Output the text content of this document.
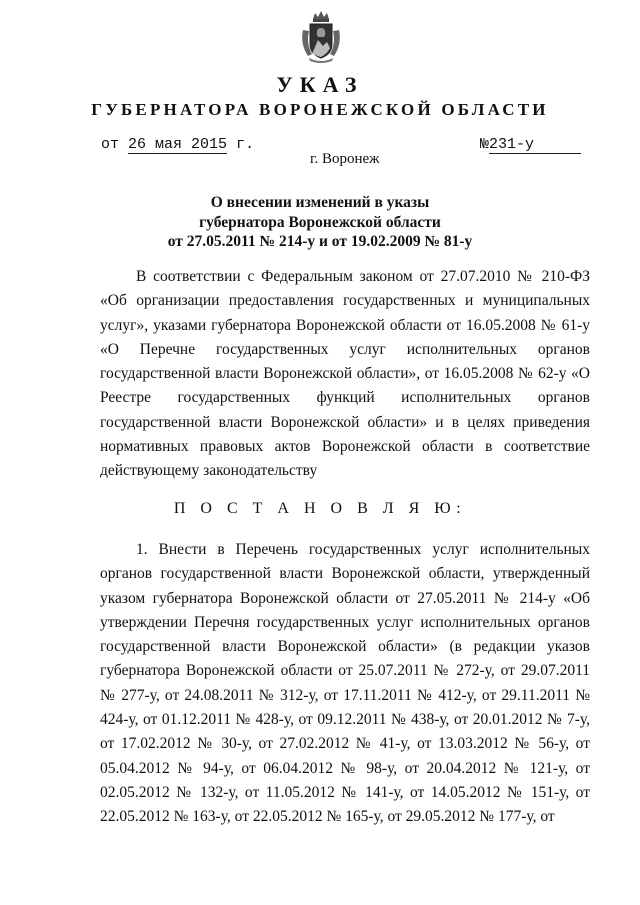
УКАЗ
ГУБЕРНАТОРА ВОРОНЕЖСКОЙ ОБЛАСТИ
от 26 мая 2015 г.	№231-у
г. Воронеж
О внесении изменений в указы
губернатора Воронежской области
от 27.05.2011 № 214-у и от 19.02.2009 № 81-у

В соответствии с Федеральным законом от 27.07.2010 № 210-ФЗ «Об организации предоставления государственных и муниципальных услуг», указами губернатора Воронежской области от 16.05.2008 № 61-у «О Перечне государственных услуг исполнительных органов государственной власти Воронежской области», от 16.05.2008 № 62-у «О Реестре государственных функций исполнительных органов государственной власти Воронежской области» и в целях приведения нормативных правовых актов Воронежской области в соответствие действующему законодательству

П О С Т А Н О В Л Я Ю:

1. Внести в Перечень государственных услуг исполнительных органов государственной власти Воронежской области, утвержденный указом губернатора Воронежской области от 27.05.2011 № 214-у «Об утверждении Перечня государственных услуг исполнительных органов государственной власти Воронежской области» (в редакции указов губернатора Воронежской области от 25.07.2011 № 272-у, от 29.07.2011 № 277-у, от 24.08.2011 № 312-у, от 17.11.2011 № 412-у, от 29.11.2011 № 424-у, от 01.12.2011 № 428-у, от 09.12.2011 № 438-у, от 20.01.2012 № 7-у, от 17.02.2012 № 30-у, от 27.02.2012 № 41-у, от 13.03.2012 № 56-у, от 05.04.2012 № 94-у, от 06.04.2012 № 98-у, от 20.04.2012 № 121-у, от 02.05.2012 № 132-у, от 11.05.2012 № 141-у, от 14.05.2012 № 151-у, от 22.05.2012 № 163-у, от 22.05.2012 № 165-у, от 29.05.2012 № 177-у, от
